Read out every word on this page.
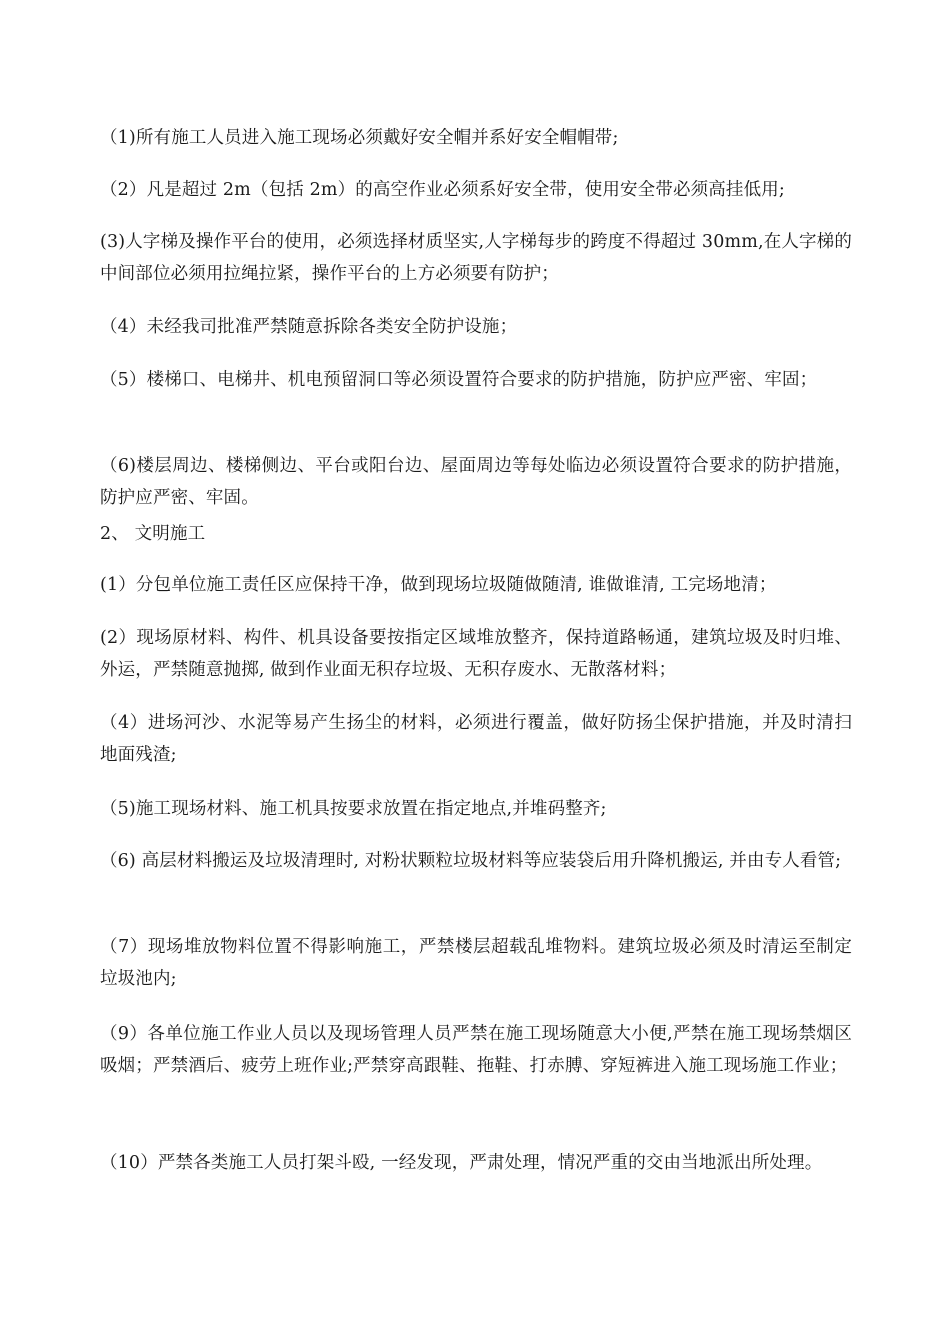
（1)所有施工人员进入施工现场必须戴好安全帽并系好安全帽帽带;

（2）凡是超过 2m（包括 2m）的高空作业必须系好安全带，使用安全带必须高挂低用;

(3)人字梯及操作平台的使用，必须选择材质坚实,人字梯每步的跨度不得超过 30mm,在人字梯的中间部位必须用拉绳拉紧，操作平台的上方必须要有防护；

（4）未经我司批准严禁随意拆除各类安全防护设施；

（5）楼梯口、电梯井、机电预留洞口等必须设置符合要求的防护措施，防护应严密、牢固；

（6)楼层周边、楼梯侧边、平台或阳台边、屋面周边等每处临边必须设置符合要求的防护措施，防护应严密、牢固。

2、 文明施工

(1）分包单位施工责任区应保持干净，做到现场垃圾随做随清, 谁做谁清, 工完场地清；

(2）现场原材料、构件、机具设备要按指定区域堆放整齐，保持道路畅通，建筑垃圾及时归堆、外运，严禁随意抛掷, 做到作业面无积存垃圾、无积存废水、无散落材料；

（4）进场河沙、水泥等易产生扬尘的材料，必须进行覆盖，做好防扬尘保护措施，并及时清扫地面残渣;

（5)施工现场材料、施工机具按要求放置在指定地点,并堆码整齐;

（6) 高层材料搬运及垃圾清理时, 对粉状颗粒垃圾材料等应装袋后用升降机搬运, 并由专人看管;

（7）现场堆放物料位置不得影响施工，严禁楼层超载乱堆物料。建筑垃圾必须及时清运至制定垃圾池内;

（9）各单位施工作业人员以及现场管理人员严禁在施工现场随意大小便,严禁在施工现场禁烟区吸烟；严禁酒后、疲劳上班作业;严禁穿高跟鞋、拖鞋、打赤膊、穿短裤进入施工现场施工作业；

（10）严禁各类施工人员打架斗殴, 一经发现，严肃处理，情况严重的交由当地派出所处理。
